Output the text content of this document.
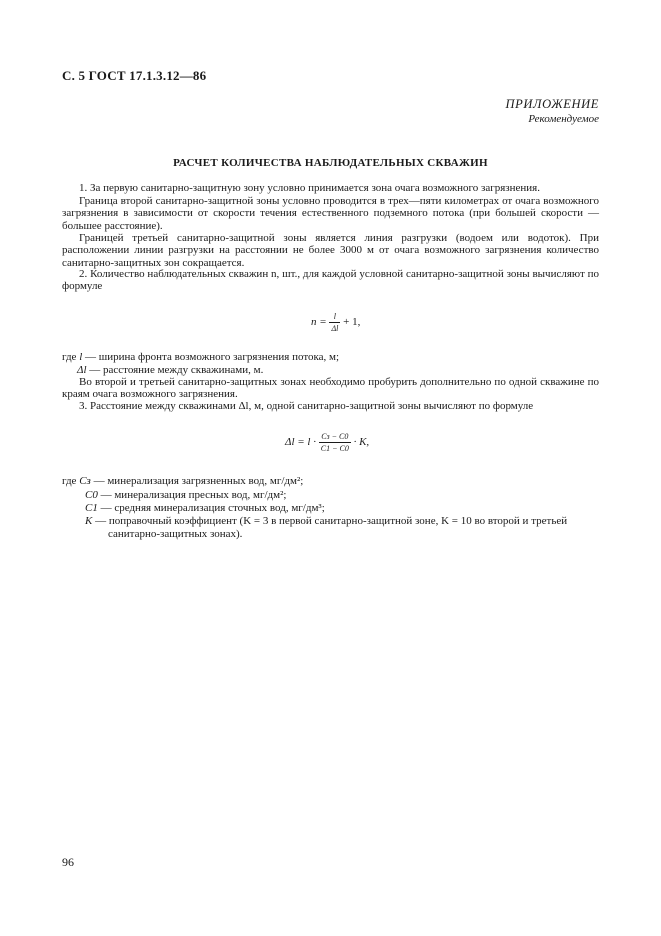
С. 5 ГОСТ 17.1.3.12—86
ПРИЛОЖЕНИЕ
Рекомендуемое
РАСЧЕТ КОЛИЧЕСТВА НАБЛЮДАТЕЛЬНЫХ СКВАЖИН
1. За первую санитарно-защитную зону условно принимается зона очага возможного загрязнения.
Граница второй санитарно-защитной зоны условно проводится в трех—пяти километрах от очага возможного загрязнения в зависимости от скорости течения естественного подземного потока (при большей скорости — большее расстояние).
Границей третьей санитарно-защитной зоны является линия разгрузки (водоем или водоток). При расположении линии разгрузки на расстоянии не более 3000 м от очага возможного загрязнения количество санитарно-защитных зон сокращается.
2. Количество наблюдательных скважин n, шт., для каждой условной санитарно-защитной зоны вычисляют по формуле
$n = \frac{l}{\Delta l} + 1$,
где l — ширина фронта возможного загрязнения потока, м;
Δl — расстояние между скважинами, м.
Во второй и третьей санитарно-защитных зонах необходимо пробурить дополнительно по одной скважине по краям очага возможного загрязнения.
3. Расстояние между скважинами Δl, м, одной санитарно-защитной зоны вычисляют по формуле
$\Delta l = l \cdot \frac{Cз - C0}{C1 - C0} \cdot K$,
где Cз — минерализация загрязненных вод, мг/дм²;
C0 — минерализация пресных вод, мг/дм²;
C1 — средняя минерализация сточных вод, мг/дм³;
K — поправочный коэффициент (K = 3 в первой санитарно-защитной зоне, K = 10 во второй и третьей
санитарно-защитных зонах).
96
